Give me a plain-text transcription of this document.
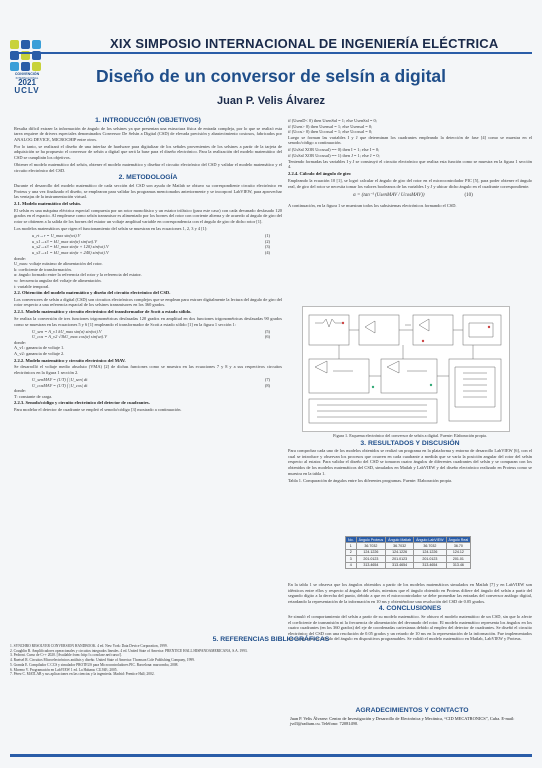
CONVENCIÓN
INTERNACIONAL
2021
UCLV
XIX SIMPOSIO INTERNACIONAL DE INGENIERÍA ELÉCTRICA
Diseño de un conversor de selsín a digital
Juan P. Velis Álvarez
1. INTRODUCCIÓN (OBJETIVOS)

Resulta difícil extraer la información de ángulo de los selsines ya que presentan una estructura física de entrada compleja, por lo que se realizó esta tarea requiere de drivers especiales denominados Conversor De Selsín a Digital (CSD) de elevada precisión y abastecimiento costosos, fabricados por ANALOG DEVICE, MICROCHIP entre otros.

Por lo tanto, se realizará el diseño de una interfaz de hardware para digitalizar de los señales provenientes de los selsines a partir de la tarjeta de adquisición se ha propuesto el conversor de selsín a digital que será la base para el diseño electrónico. Para la realización del modelo matemático del CSD se cumplirán los objetivos.

Obtener el modelo matemático del selsín, obtener el modelo matemático y diseñar el circuito electrónico del CSD y validar el modelo matemático y el circuito electrónico del CSD.

2. METODOLOGÍA

Durante el desarrollo del modelo matemático de cada sección del CSD son ayuda de Matlab se obtuvo su correspondiente circuito electrónico en Proteus y una vez finalizado el diseño, se emplearon para validar los programas mencionados anteriormente y se incorporó LabVIEW, para aprovechar las ventajas de la instrumentación virtual.

2.1. Modelo matemático del selsín.

El selsín es una máquina eléctrica especial compuesta por un rotor monofásico y un estator trifásico (para este caso) con cada devanado desfasado 120 grados en el espacio. Al emplearse como selsín transmisor es alimentado por los bornes del rotor con corriente alterna y de acuerdo al ángulo de giro del rotor se obtienen a la salida de los bornes del estator un voltaje amplitud variable en correspondencia con el ángulo de giro de dicho rotor [1].

Los modelos matemáticos que rigen el funcionamiento del selsín se muestran en las ecuaciones 1, 2, 3 y 4 [1]:

u_rt→r = U_max sin(wt).V	(1)
u_s1→s3 = kU_max sin(α) sin(wt).V	(2)
u_s2→s3 = kU_max sin(α + 120) sin(wt).V	(3)
u_s3→s1 = kU_max sin(α + 240) sin(wt).V	(4)
donde:
U_max: voltaje máximo de alimentación del rotor.
k: coeficiente de transformación.
α: ángulo formado entre la referencia del rotor y la referencia del estator.
w: frecuencia angular del voltaje de alimentación.
t: variable temporal.
2.2. Obtención del modelo matemático y diseño del circuito electrónico del CSD.

Los conversores de selsín a digital (CSD) son circuitos electrónicos complejos que se emplean para extraer digitalmente la lectura del ángulo de giro del rotor respecto a una referencia espacial de los selsines transmisores en los 360 grados.

2.2.1. Modelo matemático y circuito electrónico del transformador de Scott a estado sólido.

Se realiza la conversión de tres funciones trigonométricas desfasadas 120 grados en amplitud en dos funciones trigonométricas desfasadas 90 grados como se muestran en las ecuaciones 5 y 6 [1] empleando el transformador de Scott a estado sólido [1] en la figura 1 sección 1:

U_sen = A_v1 kU_max sin(α) sin(wt).V	(5)
U_cos = A_v2 √3kU_max cos(α) sin(wt).V	(6)
donde:
A_v1: ganancia de voltaje 1.
A_v2: ganancia de voltaje 2.
2.2.2. Modelo matemático y circuito electrónico del MAV.

Se desarrolló el voltaje medio absoluto (VMA) [2] de dichas funciones como se muestra en las ecuaciones 7 y 8 y a sus respectivos circuitos electrónicos en la figura 1 sección 2.

U_senMAV = (1/T) ∫ |U_sen| dt	(7)
U_cosMAV = (1/T) ∫ |U_cos| dt	(8)
donde:
T: constante de carga.
2.2.3. Senodo/código y circuito electrónico del detector de cuadrantes.

Para modelar el detector de cuadrante se empleó el senodo/código [3] mostrado a continuación.

if (UsenD< 0) then UsenSal = 1; else UsenSal = 0;
if (Usen> 0) then Usensal = 1; else Usensal = 0;
if (Ucos> 0) then Ucossal = 1; else Ucossal = 0;

Luego se forman las variables I y J que determinan los cuadrantes empleando la detección de fase [4] como se muestra en el senodo/código a continuación.

if (UsSal XOR Ucossal) == 0) then I = 1; else I = 0;
if (UsSal XOR Ucossal) == 1) then J = 1; else J = 0;

Teniendo formadas las variables I y J se construyó el circuito electrónico que realiza esta función como se muestra en la figura 1 sección 4.

2.2.4. Cálculo del ángulo de giro

Empleando la ecuación 10 [1], se logró calcular el ángulo de giro del rotor en el microcontrolador PIC [5], para poder obtener el ángulo real, de giro del rotor se necesita tomar los valores booleanos de las variables I y J y ubicar dicho ángulo en el cuadrante correspondiente.

α = (tan⁻¹ (UsenMAV / UcosMAV))	(10)

A continuación, en la figura 1 se muestran todos los subsistemas electrónicos formando el CSD.

Figura 1. Esquema electrónico del conversor de selsín a digital. Fuente: Elaboración propia.
3. RESULTADOS Y DISCUSIÓN

Para comprobar cada uno de los modelos obtenidos se realizó un programa en la plataforma y entorno de desarrollo LabVIEW [6], con el cual se introduce y observan los procesos que ocurren en cada cuadrante a medida que se varía la posición angular del rotor del selsín respecto al estator. Para validar el diseño del CSD se tomaron cuatro ángulos de diferentes cuadrantes del selsín y se comparan con los obtenidos de los modelos matemáticos del CSD, simulados en Matlab y LabVIEW y del diseño electrónico realizado en Proteus como se muestra en la tabla 1.

Tabla 1. Comparación de ángulos entre los diferentes programas. Fuente: Elaboración propia.
No.	Ángulo Proteus	Ángulo Matlab	Ángulo LabVIEW	Ángulo Real
1	36.7032	36.7032	36.7032	36.70
2	124.1226	124.1226	124.1226	124.12
3	201.0123	201.0123	201.0123	201.01
4	313.4654	313.4654	313.4654	313.46

En la tabla 1 se observa que los ángulos obtenidos a partir de los modelos matemáticos simulados en Matlab [7] y en LabVIEW son idénticos entre ellos y respecto al ángulo del selsín, mientras que el ángulo obtenido en Proteus difiere del ángulo del selsín a partir del segundo dígito a la derecha del punto, debido a que en el microcontrolador se debe promediar las entradas del conversor análogo digital, retardando la representación de la información en 10 ms y obteniéndose una resolución del CSD de 0.05 grados.

4. CONCLUSIONES

Se simuló el comportamiento del selsín a partir de su modelo matemático. Se obtuvo el modelo matemático de un CSD, sin que lo afecte el coeficiente de transmisión ni la frecuencia de alimentación del devanado del rotor. El modelo matemático representa los ángulos en los cuatro cuadrantes (en los 360 grados) del eje de coordenadas cartesianas debido al empleo del detector de cuadrantes. Se diseñó el circuito electrónico del CSD con una resolución de 0.05 grados y un retardo de 10 ms en la representación de la información. Fue implementados del código para el cálculo del ángulo en dispositivos programables. Se validó el modelo matemático en Matlab, LabVIEW y Proteus.

5. REFERENCIAS BIBLIOGRÁFICAS
1. SYNCHRO RESOLVER CONVERSION HANDBOOK. 4 ed. New York: Data Device Corporation, 1999.
2. Coughlin R. Amplificadores operacionales y circuitos integrados lineales. 4 ed. United State of America: PRENTICE HALL HISPANOAMERICANA, S.A. 1993.
3. Pedroni. Curso de C++ 2020. [Available from: http://c.conclase.net/curso/].
4. Ruetsel R. Circuitos Microelectrónicos análisis y diseño. United State of America: Thomson Cole Publishing Company, 1999.
5. Granda E. Compilador C CCS y simulador PROTEUS para Microcontroladores PIC. Barcelona: marcombo, 2008.
6. Moreno V. Programación en LabVIEW 1 ed. La Habana: CUJAE; 2005.
7. Pérez C. MATLAB y sus aplicaciones en las ciencias y la ingeniería. Madrid: Prentice Hall; 2002.
AGRADECIMIENTOS Y CONTACTO
Juan P. Velis Álvarez: Centro de Investigación y Desarrollo de Electrónica y Mecánica, “CID MECATRONICS”, Cuba. E-mail: jvd3@radium.cu. Teléfono: 72081490.
